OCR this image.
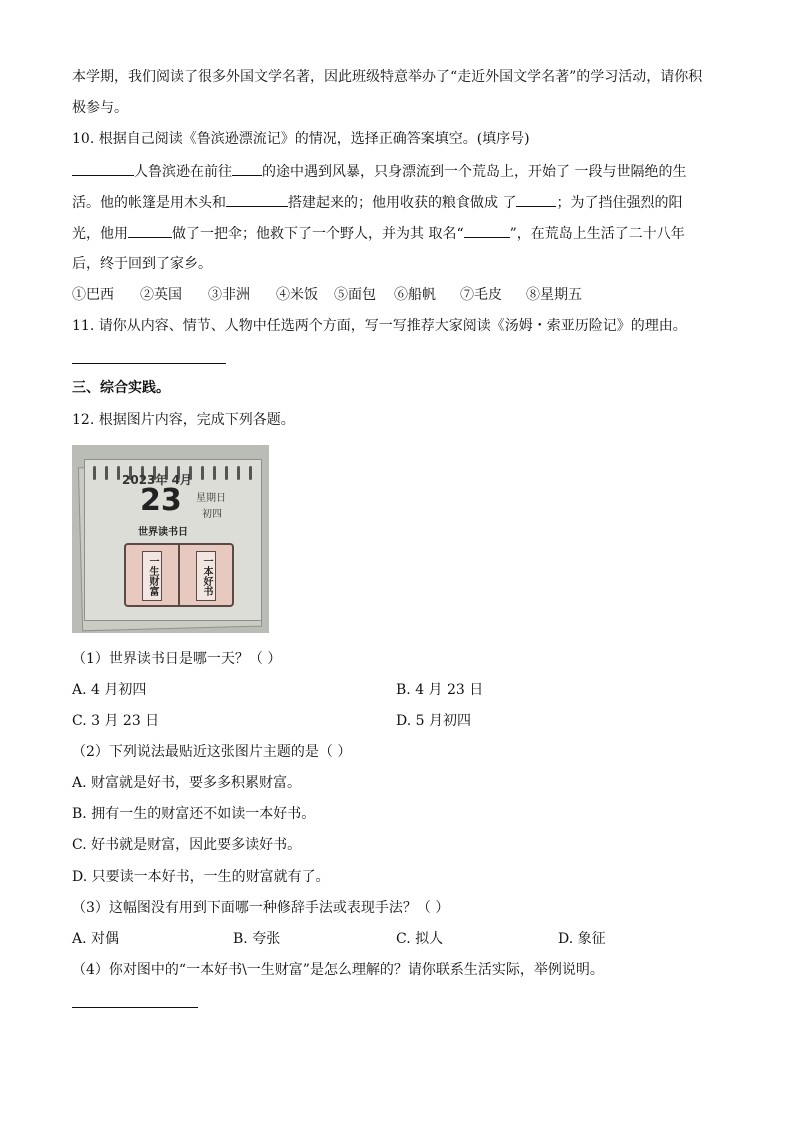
本学期，我们阅读了很多外国文学名著，因此班级特意举办了“走近外国文学名著”的学习活动，请你积
极参与。
10. 根据自己阅读《鲁滨逊漂流记》的情况，选择正确答案填空。(填序号)
人鲁滨逊在前往 的途中遇到风暴，只身漂流到一个荒岛上，开始了 一段与世隔绝的生
活。他的帐篷是用木头和	搭建起来的；他用收获的粮食做成 了	；为了挡住强烈的阳
光，他用	做了一把伞；他救下了一个野人，并为其 取名“	”，在荒岛上生活了二十八年
后，终于回到了家乡。
①巴西 ②英国 ③非洲 ④米饭 ⑤面包 ⑥船帆 ⑦毛皮 ⑧星期五
11. 请你从内容、情节、人物中任选两个方面，写一写推荐大家阅读《汤姆・索亚历险记》的理由。
三、综合实践。
12. 根据图片内容，完成下列各题。
2023年 4月
23 星期日
初四
世界读书日
一生财富	一本好书
（1）世界读书日是哪一天？（ ）
A. 4 月初四	B. 4 月 23 日
C. 3 月 23 日	D. 5 月初四
（2）下列说法最贴近这张图片主题的是（ ）
A. 财富就是好书，要多多积累财富。
B. 拥有一生的财富还不如读一本好书。
C. 好书就是财富，因此要多读好书。
D. 只要读一本好书，一生的财富就有了。
（3）这幅图没有用到下面哪一种修辞手法或表现手法？（ ）
A. 对偶	B. 夸张	C. 拟人	D. 象征
（4）你对图中的“一本好书\一生财富”是怎么理解的？请你联系生活实际，举例说明。
